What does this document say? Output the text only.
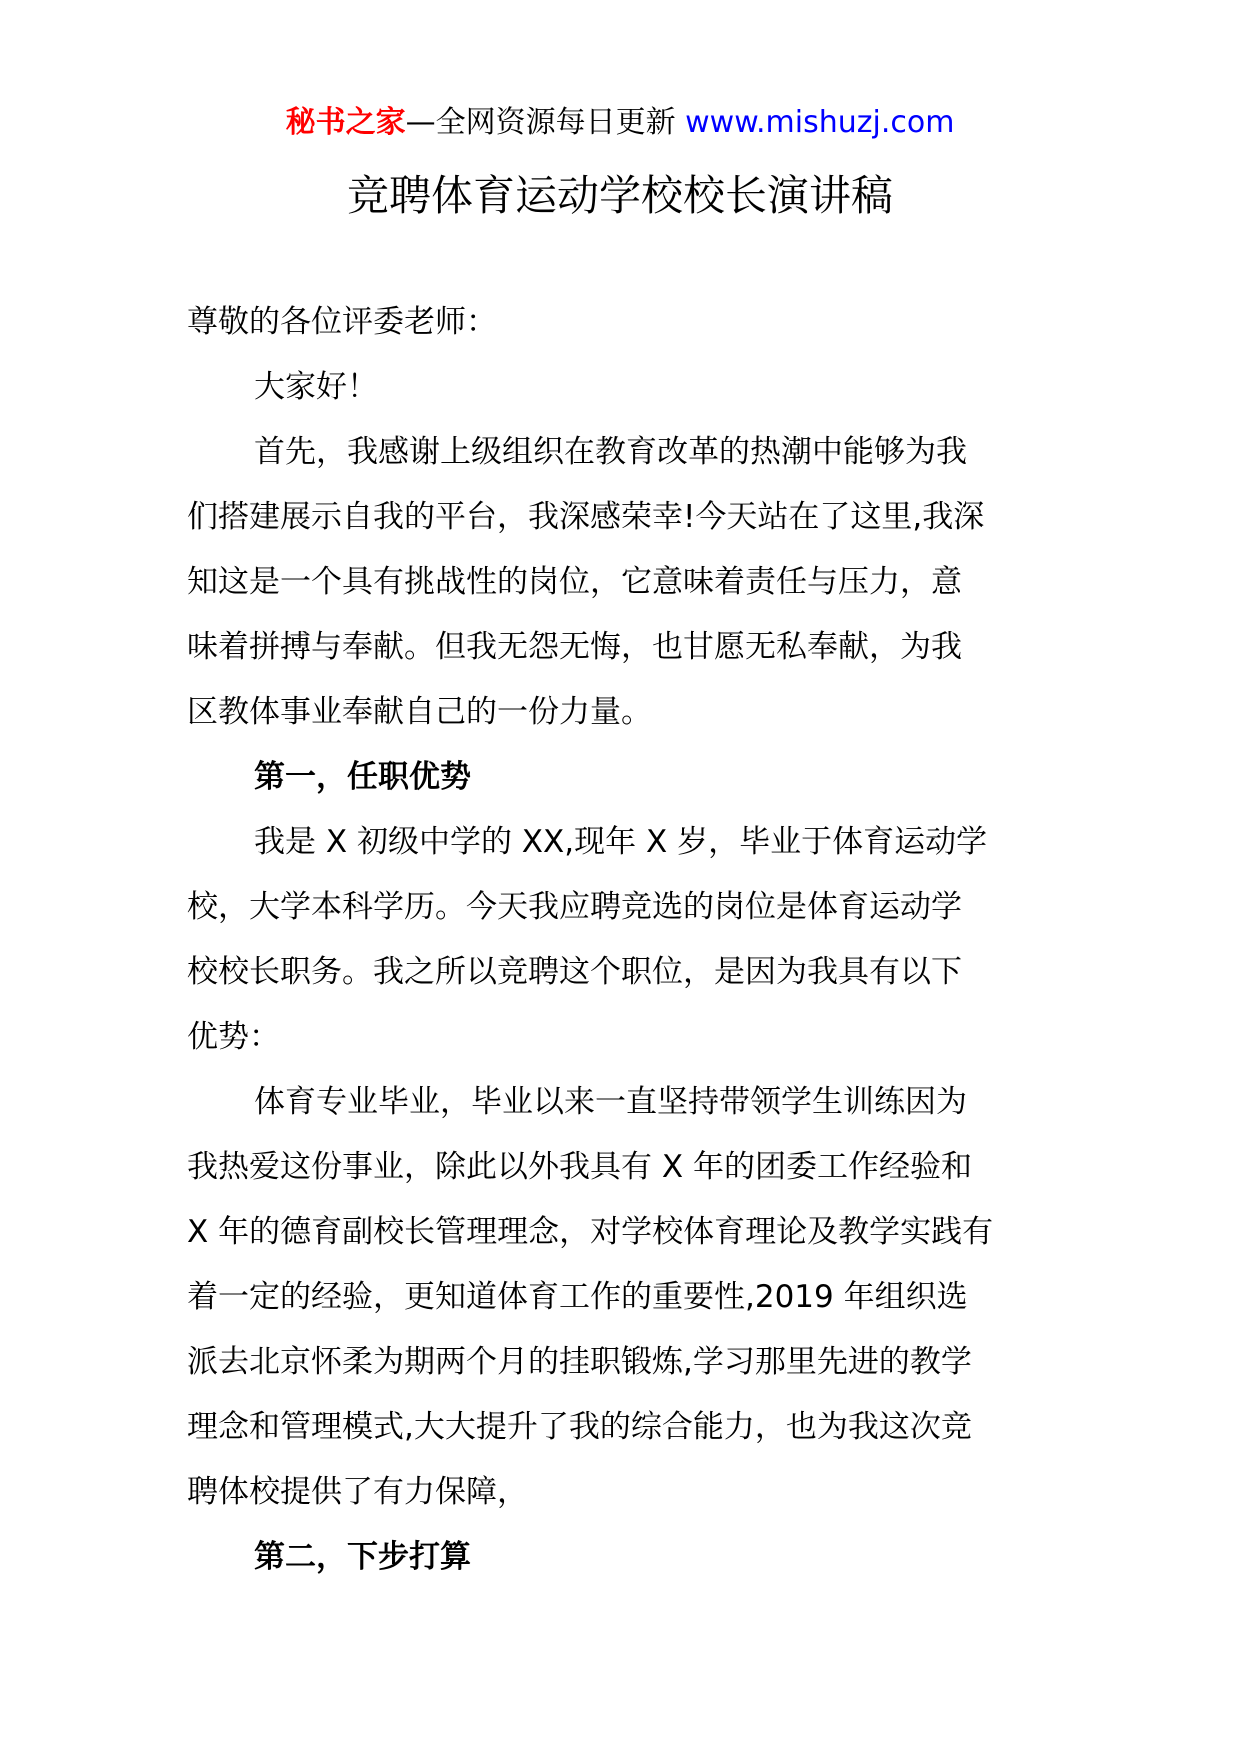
秘书之家—全网资源每日更新 www.mishuzj.com
竞聘体育运动学校校长演讲稿
尊敬的各位评委老师：
大家好！
首先，我感谢上级组织在教育改革的热潮中能够为我
们搭建展示自我的平台，我深感荣幸!今天站在了这里,我深
知这是一个具有挑战性的岗位，它意味着责任与压力，意
味着拼搏与奉献。但我无怨无悔，也甘愿无私奉献，为我
区教体事业奉献自己的一份力量。
第一，任职优势
我是 X 初级中学的 XX,现年 X 岁，毕业于体育运动学
校，大学本科学历。今天我应聘竞选的岗位是体育运动学
校校长职务。我之所以竞聘这个职位，是因为我具有以下
优势：
体育专业毕业，毕业以来一直坚持带领学生训练因为
我热爱这份事业，除此以外我具有 X 年的团委工作经验和
X 年的德育副校长管理理念，对学校体育理论及教学实践有
着一定的经验，更知道体育工作的重要性,2019 年组织选
派去北京怀柔为期两个月的挂职锻炼,学习那里先进的教学
理念和管理模式,大大提升了我的综合能力，也为我这次竞
聘体校提供了有力保障，
第二，下步打算
